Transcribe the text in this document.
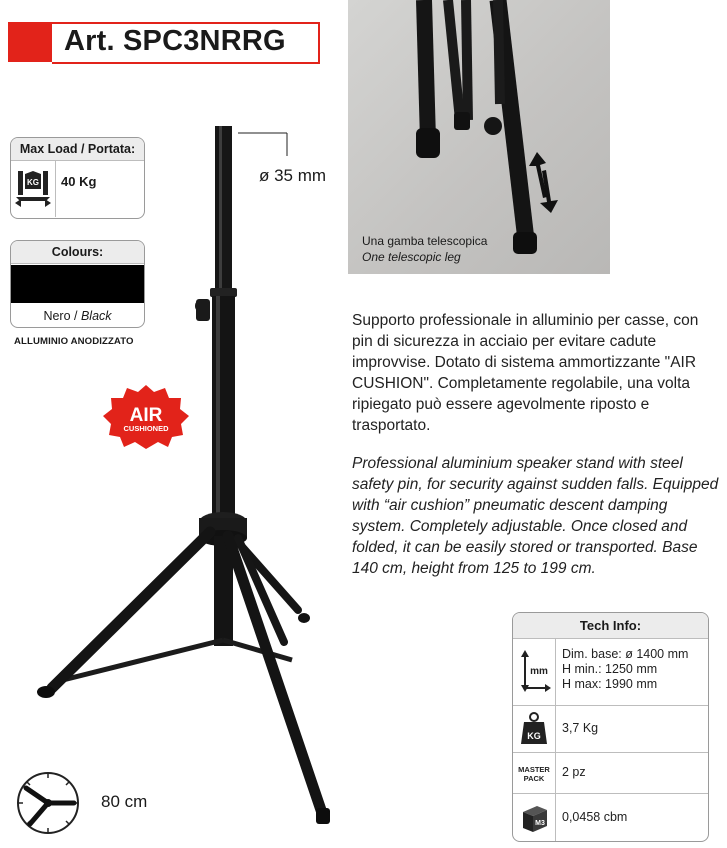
Art. SPC3NRRG
Max Load / Portata:
KG 40 Kg
Colours:
Nero / Black
ALLUMINIO ANODIZZATO
AIR
CUSHIONED
ø 35 mm
Una gamba telescopica
One telescopic leg
Supporto professionale in alluminio per casse, con pin di sicurezza in acciaio per evitare cadute improvvise. Dotato di sistema ammortizzante "AIR CUSHION". Completamente regolabile, una volta ripiegato può essere agevolmente riposto e trasportato.
Professional aluminium speaker stand with steel safety pin, for security against sudden falls. Equipped with “air cushion” pneumatic descent damping system. Completely adjustable. Once closed and folded, it can be easily stored or transported. Base 140 cm, height from 125 to 199 cm.
Tech Info:
mm
Dim. base: ø 1400 mm
H min.: 1250 mm
H max: 1990 mm
KG
3,7 Kg
MASTER
PACK 2 pz
M3 0,0458 cbm
80 cm
